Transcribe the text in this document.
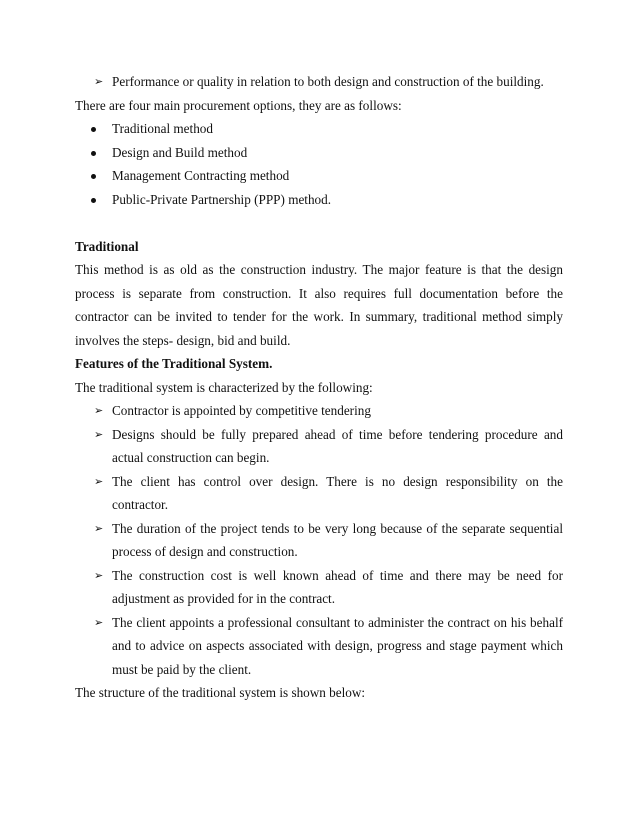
➢ Performance or quality in relation to both design and construction of the building.

There are four main procurement options, they are as follows:

Traditional method
Design and Build method
Management Contracting method
Public-Private Partnership (PPP) method.

Traditional

This method is as old as the construction industry. The major feature is that the design process is separate from construction. It also requires full documentation before the contractor can be invited to tender for the work. In summary, traditional method simply involves the steps- design, bid and build.

Features of the Traditional System.

The traditional system is characterized by the following:

➢ Contractor is appointed by competitive tendering
➢ Designs should be fully prepared ahead of time before tendering procedure and actual construction can begin.
➢ The client has control over design. There is no design responsibility on the contractor.
➢ The duration of the project tends to be very long because of the separate sequential process of design and construction.
➢ The construction cost is well known ahead of time and there may be need for adjustment as provided for in the contract.
➢ The client appoints a professional consultant to administer the contract on his behalf and to advice on aspects associated with design, progress and stage payment which must be paid by the client.

The structure of the traditional system is shown below:
